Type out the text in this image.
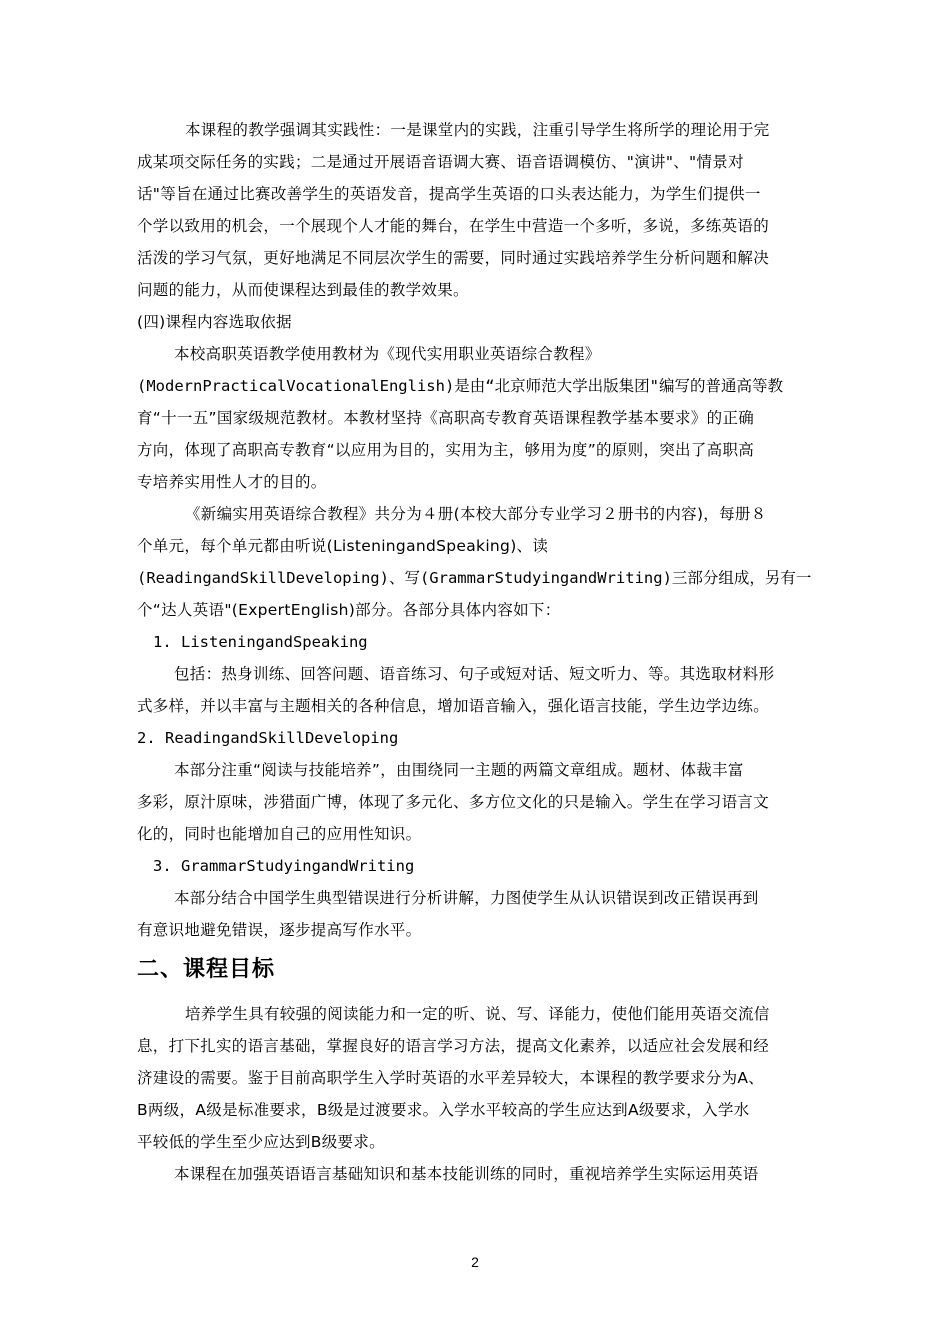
本课程的教学强调其实践性：一是课堂内的实践，注重引导学生将所学的理论用于完
成某项交际任务的实践；二是通过开展语音语调大赛、语音语调模仿、"演讲"、"情景对
话"等旨在通过比赛改善学生的英语发音，提高学生英语的口头表达能力，为学生们提供一
个学以致用的机会，一个展现个人才能的舞台，在学生中营造一个多听，多说，多练英语的
活泼的学习气氛，更好地满足不同层次学生的需要，同时通过实践培养学生分析问题和解决
问题的能力，从而使课程达到最佳的教学效果。
(四)课程内容选取依据
本校高职英语教学使用教材为《现代实用职业英语综合教程》
(ModernPracticalVocationalEnglish)是由“北京师范大学出版集团"编写的普通高等教
育“十一五”国家级规范教材。本教材坚持《高职高专教育英语课程教学基本要求》的正确
方向，体现了高职高专教育“以应用为目的，实用为主，够用为度”的原则，突出了高职高
专培养实用性人才的目的。
《新编实用英语综合教程》共分为４册(本校大部分专业学习２册书的内容)，每册８
个单元，每个单元都由听说(ListeningandSpeaking)、读
(ReadingandSkillDeveloping)、写(GrammarStudyingandWriting)三部分组成，另有一
个“达人英语"(ExpertEnglish)部分。各部分具体内容如下：
1. ListeningandSpeaking
包括：热身训练、回答问题、语音练习、句子或短对话、短文听力、等。其选取材料形
式多样，并以丰富与主题相关的各种信息，增加语音输入，强化语言技能，学生边学边练。
2. ReadingandSkillDeveloping
本部分注重“阅读与技能培养”，由围绕同一主题的两篇文章组成。题材、体裁丰富
多彩，原汁原味，涉猎面广博，体现了多元化、多方位文化的只是输入。学生在学习语言文
化的，同时也能增加自己的应用性知识。
3. GrammarStudyingandWriting
本部分结合中国学生典型错误进行分析讲解，力图使学生从认识错误到改正错误再到
有意识地避免错误，逐步提高写作水平。
二、课程目标
培养学生具有较强的阅读能力和一定的听、说、写、译能力，使他们能用英语交流信
息，打下扎实的语言基础，掌握良好的语言学习方法，提高文化素养，以适应社会发展和经
济建设的需要。鉴于目前高职学生入学时英语的水平差异较大，本课程的教学要求分为A、
B两级，A级是标准要求，B级是过渡要求。入学水平较高的学生应达到A级要求，入学水
平较低的学生至少应达到B级要求。
本课程在加强英语语言基础知识和基本技能训练的同时，重视培养学生实际运用英语
2
